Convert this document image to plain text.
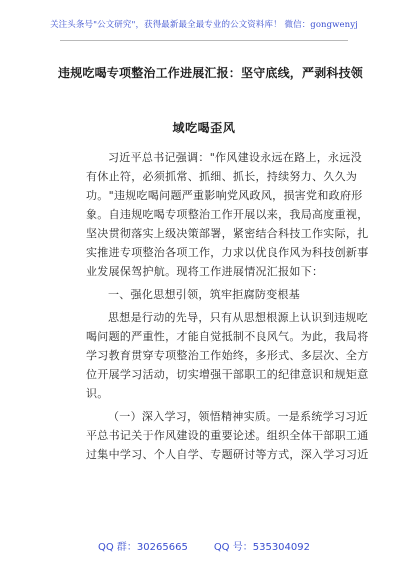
关注头条号"公文研究"，获得最新最全最专业的公文资料库！ 微信：gongwenyj
违规吃喝专项整治工作进展汇报：坚守底线，严剥科技领
域吃喝歪风
习近平总书记强调："作风建设永远在路上，永远没
有休止符，必须抓常、抓细、抓长，持续努力、久久为
功。"违规吃喝问题严重影响党风政风，损害党和政府形
象。自违规吃喝专项整治工作开展以来，我局高度重视，
坚决贯彻落实上级决策部署，紧密结合科技工作实际，扎
实推进专项整治各项工作，力求以优良作风为科技创新事
业发展保驾护航。现将工作进展情况汇报如下：
一、强化思想引领，筑牢拒腐防变根基
思想是行动的先导，只有从思想根源上认识到违规吃
喝问题的严重性，才能自觉抵制不良风气。为此，我局将
学习教育贯穿专项整治工作始终，多形式、多层次、全方
位开展学习活动，切实增强干部职工的纪律意识和规矩意
识。
（一）深入学习，领悟精神实质。一是系统学习习近
平总书记关于作风建设的重要论述。组织全体干部职工通
过集中学习、个人自学、专题研讨等方式，深入学习习近
QQ 群：30265665	QQ 号：535304092
